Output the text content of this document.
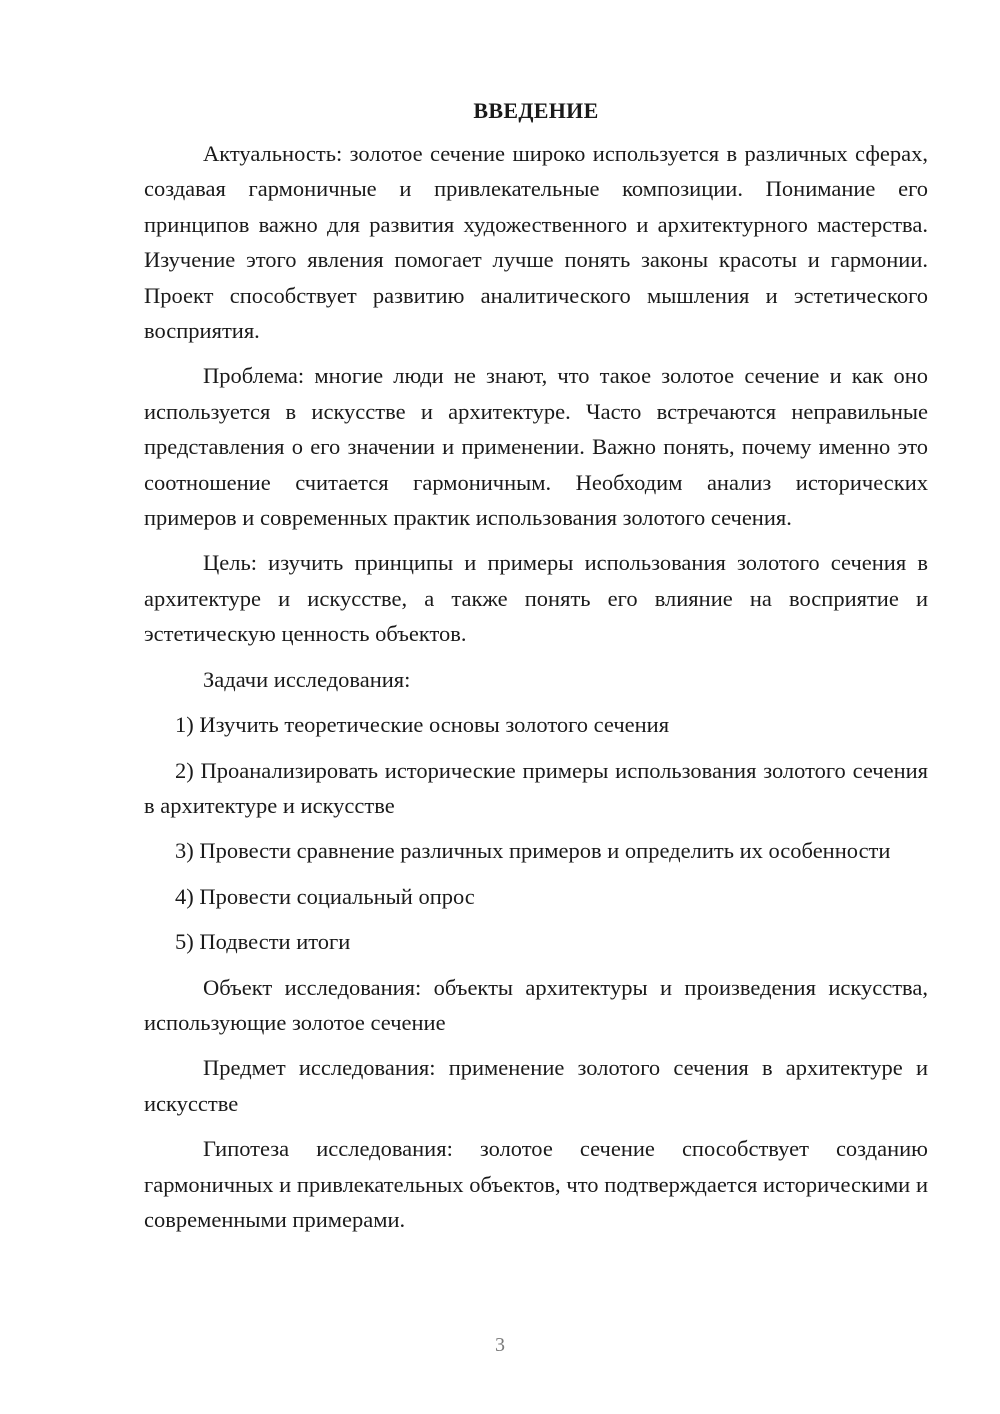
ВВЕДЕНИЕ

Актуальность: золотое сечение широко используется в различных сферах, создавая гармоничные и привлекательные композиции. Понимание его принципов важно для развития художественного и архитектурного мастерства. Изучение этого явления помогает лучше понять законы красоты и гармонии. Проект способствует развитию аналитического мышления и эстетического восприятия.

Проблема: многие люди не знают, что такое золотое сечение и как оно используется в искусстве и архитектуре. Часто встречаются неправильные представления о его значении и применении. Важно понять, почему именно это соотношение считается гармоничным. Необходим анализ исторических примеров и современных практик использования золотого сечения.

Цель: изучить принципы и примеры использования золотого сечения в архитектуре и искусстве, а также понять его влияние на восприятие и эстетическую ценность объектов.

Задачи исследования:

1) Изучить теоретические основы золотого сечения

2) Проанализировать исторические примеры использования золотого сечения в архитектуре и искусстве

3) Провести сравнение различных примеров и определить их особенности

4) Провести социальный опрос

5) Подвести итоги

Объект исследования: объекты архитектуры и произведения искусства, использующие золотое сечение

Предмет исследования: применение золотого сечения в архитектуре и искусстве

Гипотеза исследования: золотое сечение способствует созданию гармоничных и привлекательных объектов, что подтверждается историческими и современными примерами.

3
